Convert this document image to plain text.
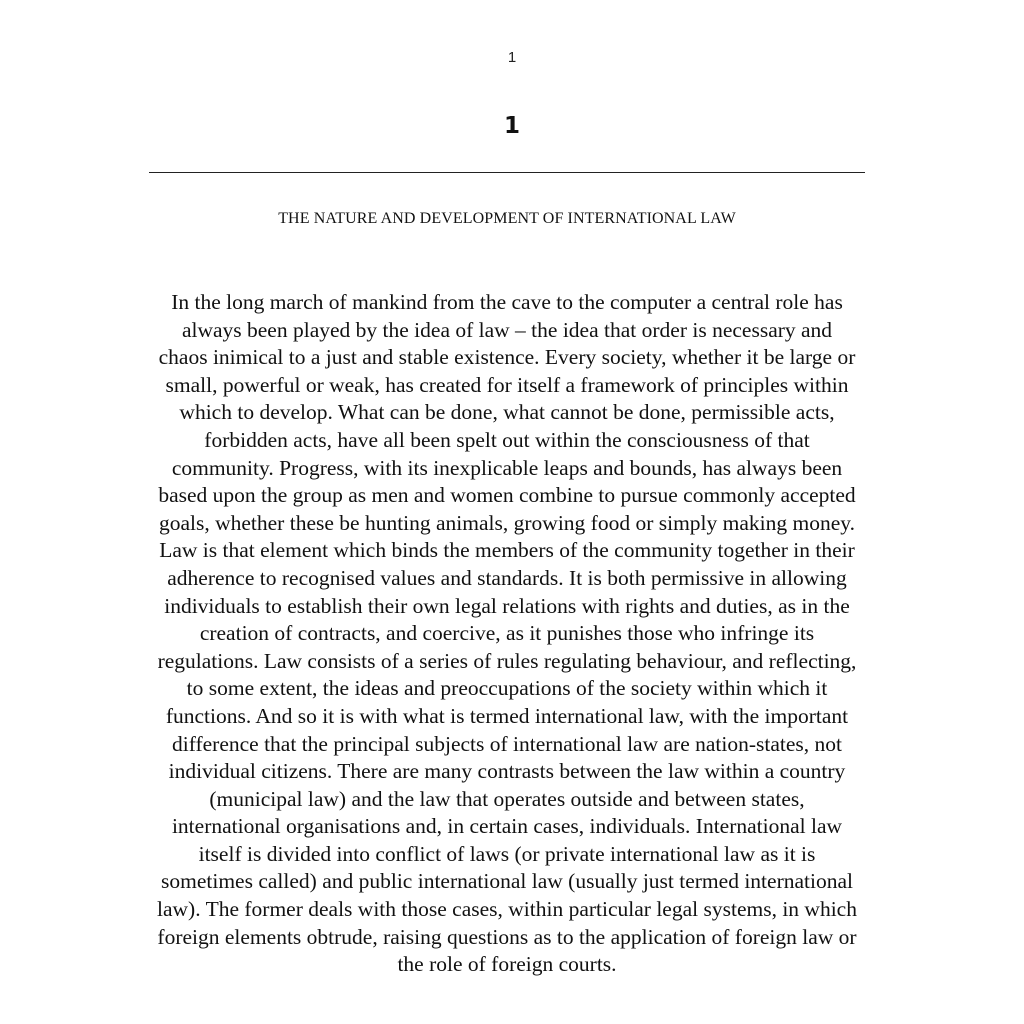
1
1
THE NATURE AND DEVELOPMENT OF INTERNATIONAL LAW

In the long march of mankind from the cave to the computer a central role has
always been played by the idea of law – the idea that order is necessary and
chaos inimical to a just and stable existence. Every society, whether it be large or
small, powerful or weak, has created for itself a framework of principles within
which to develop. What can be done, what cannot be done, permissible acts,
forbidden acts, have all been spelt out within the consciousness of that
community. Progress, with its inexplicable leaps and bounds, has always been
based upon the group as men and women combine to pursue commonly accepted
goals, whether these be hunting animals, growing food or simply making money.
Law is that element which binds the members of the community together in their
adherence to recognised values and standards. It is both permissive in allowing
individuals to establish their own legal relations with rights and duties, as in the
creation of contracts, and coercive, as it punishes those who infringe its
regulations. Law consists of a series of rules regulating behaviour, and reflecting,
to some extent, the ideas and preoccupations of the society within which it
functions. And so it is with what is termed international law, with the important
difference that the principal subjects of international law are nation-states, not
individual citizens. There are many contrasts between the law within a country
(municipal law) and the law that operates outside and between states,
international organisations and, in certain cases, individuals. International law
itself is divided into conflict of laws (or private international law as it is
sometimes called) and public international law (usually just termed international
law). The former deals with those cases, within particular legal systems, in which
foreign elements obtrude, raising questions as to the application of foreign law or
the role of foreign courts.
